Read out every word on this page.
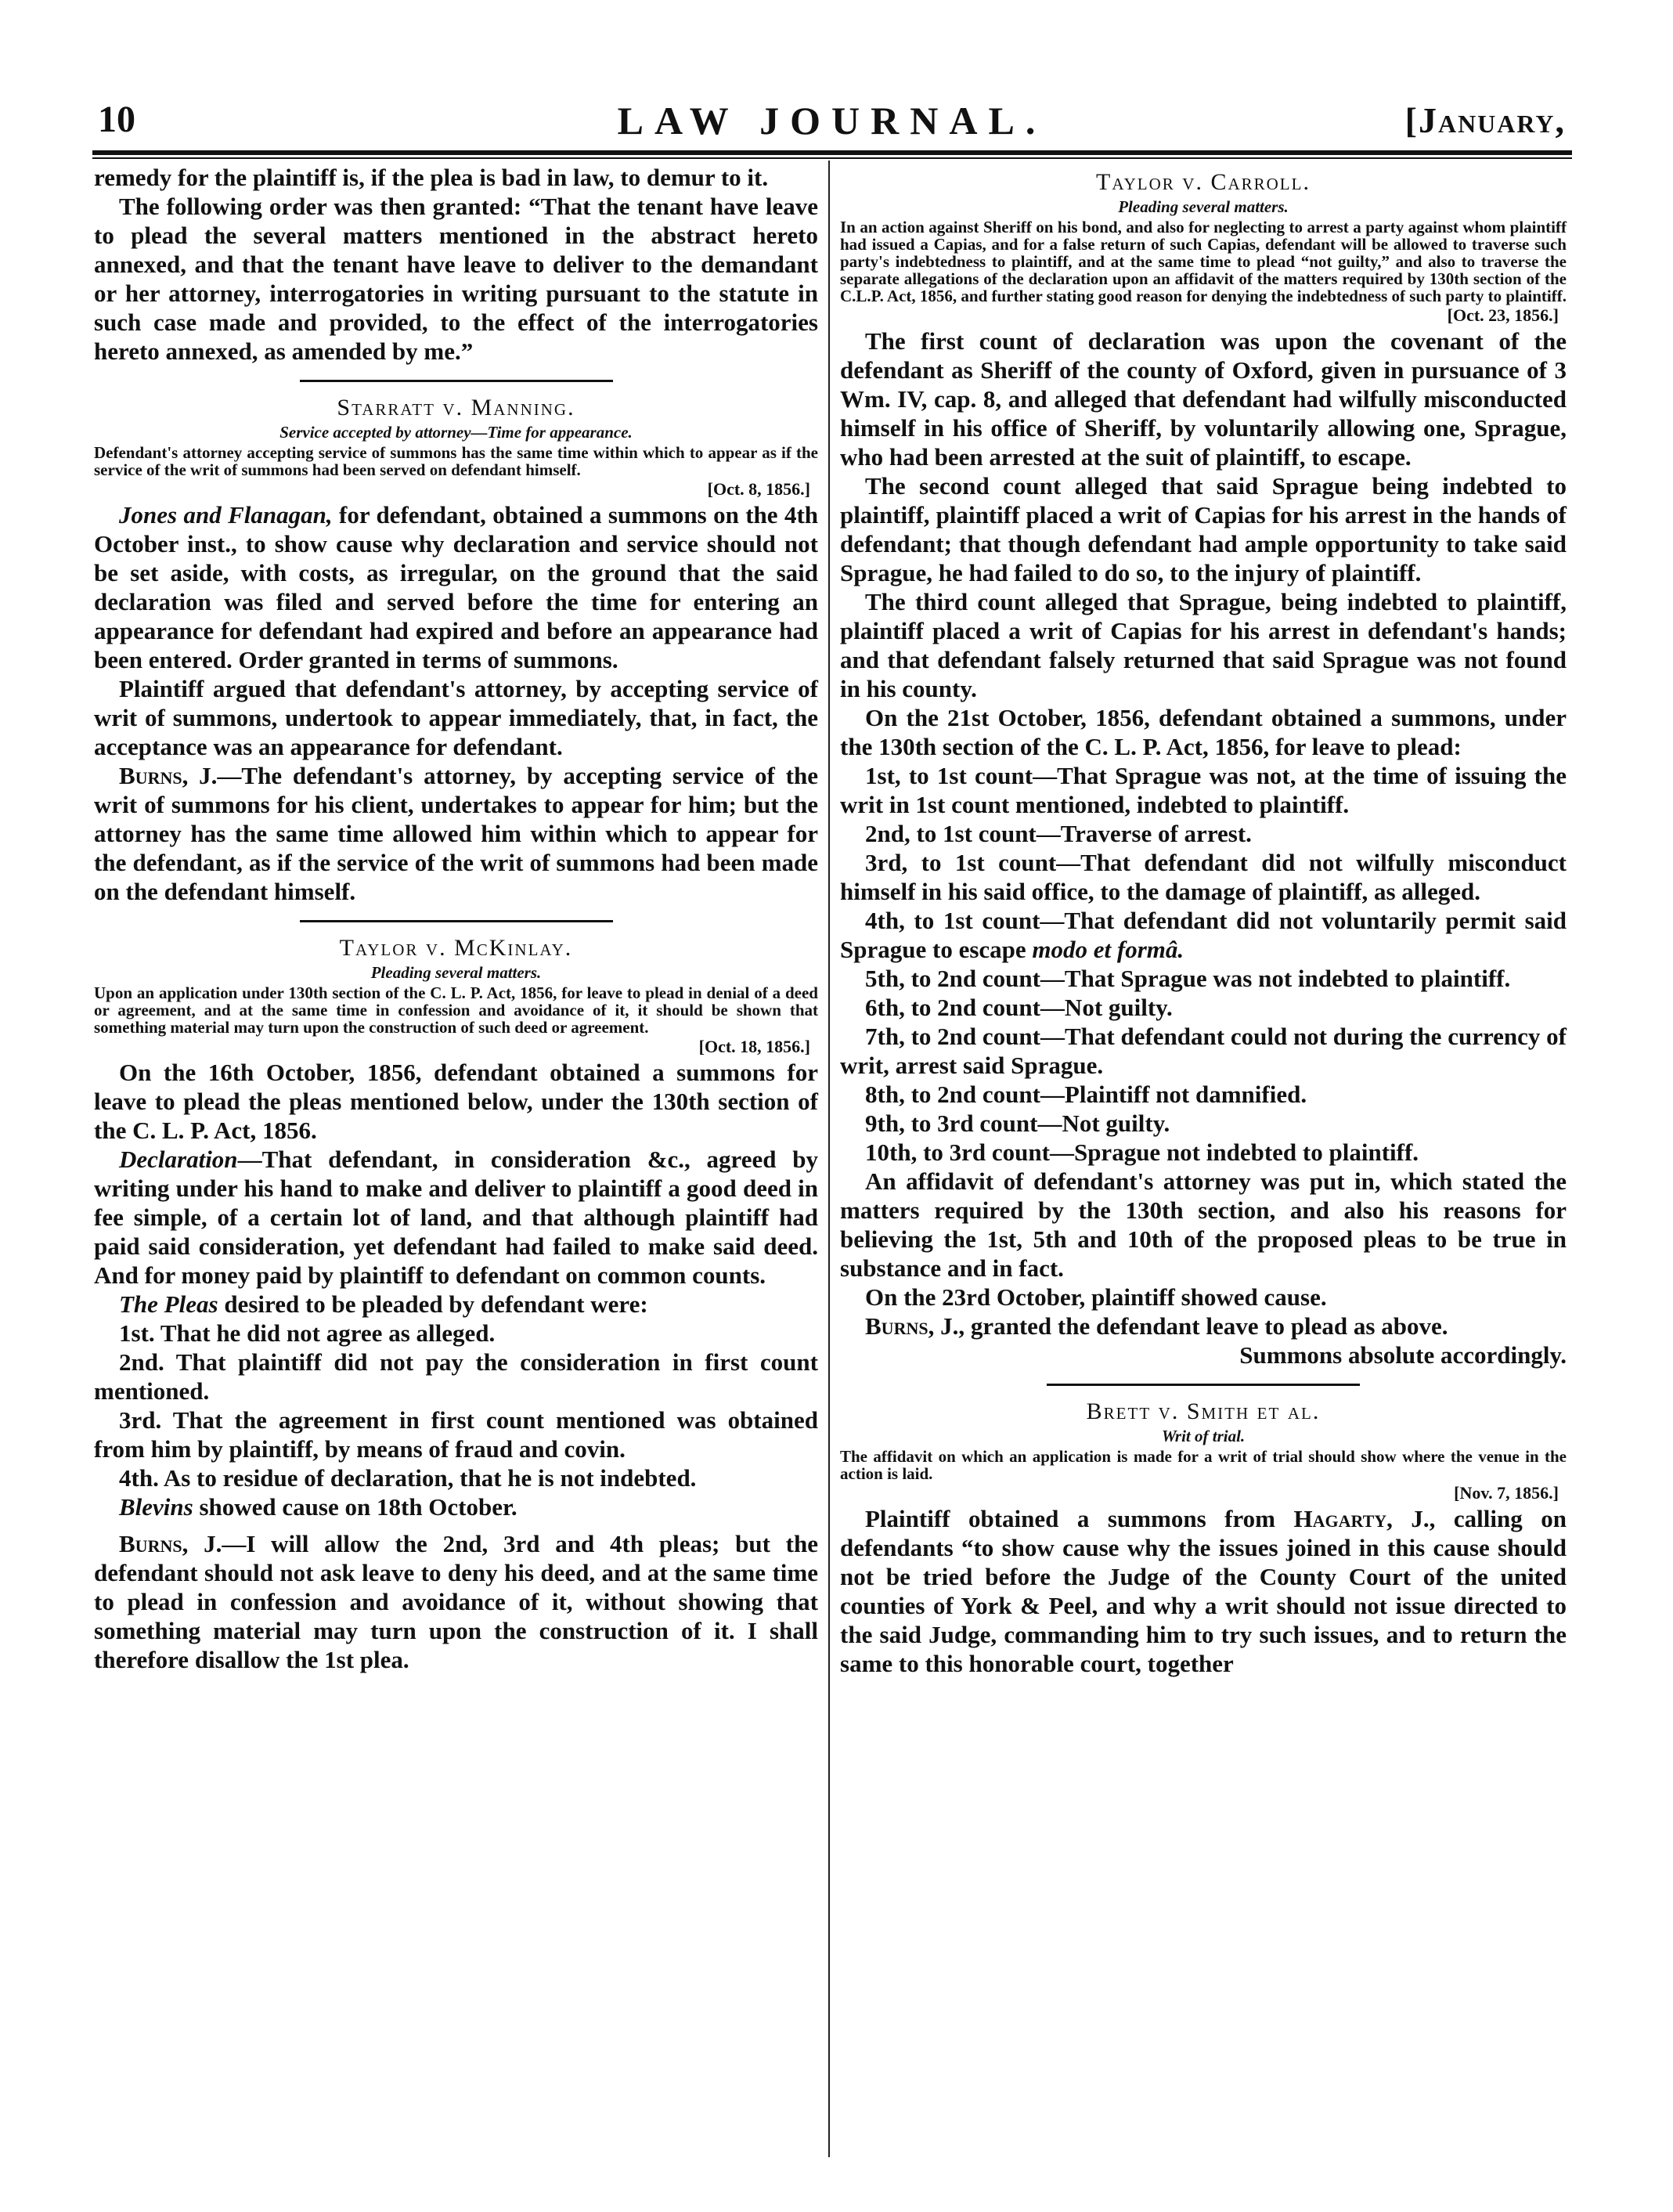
10	LAW JOURNAL.	[January,

remedy for the plaintiff is, if the plea is bad in law, to demur to it.

The following order was then granted: “That the tenant have leave to plead the several matters mentioned in the abstract hereto annexed, and that the tenant have leave to deliver to the demandant or her attorney, interrogatories in writing pursuant to the statute in such case made and provided, to the effect of the interrogatories hereto annexed, as amended by me.”

Starratt v. Manning.
Service accepted by attorney—Time for appearance.

Defendant's attorney accepting service of summons has the same time within which to appear as if the service of the writ of summons had been served on defendant himself.

[Oct. 8, 1856.]

Jones and Flanagan, for defendant, obtained a summons on the 4th October inst., to show cause why declaration and service should not be set aside, with costs, as irregular, on the ground that the said declaration was filed and served before the time for entering an appearance for defendant had expired and before an appearance had been entered. Order granted in terms of summons.

Plaintiff argued that defendant's attorney, by accepting service of writ of summons, undertook to appear immediately, that, in fact, the acceptance was an appearance for defendant.

Burns, J.—The defendant's attorney, by accepting service of the writ of summons for his client, undertakes to appear for him; but the attorney has the same time allowed him within which to appear for the defendant, as if the service of the writ of summons had been made on the defendant himself.

Taylor v. McKinlay.
Pleading several matters.

Upon an application under 130th section of the C. L. P. Act, 1856, for leave to plead in denial of a deed or agreement, and at the same time in confession and avoidance of it, it should be shown that something material may turn upon the construction of such deed or agreement.

[Oct. 18, 1856.]

On the 16th October, 1856, defendant obtained a summons for leave to plead the pleas mentioned below, under the 130th section of the C. L. P. Act, 1856.

Declaration—That defendant, in consideration &c., agreed by writing under his hand to make and deliver to plaintiff a good deed in fee simple, of a certain lot of land, and that although plaintiff had paid said consideration, yet defendant had failed to make said deed. And for money paid by plaintiff to defendant on common counts.

The Pleas desired to be pleaded by defendant were:

1st. That he did not agree as alleged.

2nd. That plaintiff did not pay the consideration in first count mentioned.

3rd. That the agreement in first count mentioned was obtained from him by plaintiff, by means of fraud and covin.

4th. As to residue of declaration, that he is not indebted.

Blevins showed cause on 18th October.

Burns, J.—I will allow the 2nd, 3rd and 4th pleas; but the defendant should not ask leave to deny his deed, and at the same time to plead in confession and avoidance of it, without showing that something material may turn upon the construction of it. I shall therefore disallow the 1st plea.

Taylor v. Carroll.
Pleading several matters.

In an action against Sheriff on his bond, and also for neglecting to arrest a party against whom plaintiff had issued a Capias, and for a false return of such Capias, defendant will be allowed to traverse such party's indebtedness to plaintiff, and at the same time to plead “not guilty,” and also to traverse the separate allegations of the declaration upon an affidavit of the matters required by 130th section of the C.L.P. Act, 1856, and further stating good reason for denying the indebtedness of such party to plaintiff.

[Oct. 23, 1856.]

The first count of declaration was upon the covenant of the defendant as Sheriff of the county of Oxford, given in pursuance of 3 Wm. IV, cap. 8, and alleged that defendant had wilfully misconducted himself in his office of Sheriff, by voluntarily allowing one, Sprague, who had been arrested at the suit of plaintiff, to escape.

The second count alleged that said Sprague being indebted to plaintiff, plaintiff placed a writ of Capias for his arrest in the hands of defendant; that though defendant had ample opportunity to take said Sprague, he had failed to do so, to the injury of plaintiff.

The third count alleged that Sprague, being indebted to plaintiff, plaintiff placed a writ of Capias for his arrest in defendant's hands; and that defendant falsely returned that said Sprague was not found in his county.

On the 21st October, 1856, defendant obtained a summons, under the 130th section of the C. L. P. Act, 1856, for leave to plead:

1st, to 1st count—That Sprague was not, at the time of issuing the writ in 1st count mentioned, indebted to plaintiff.

2nd, to 1st count—Traverse of arrest.

3rd, to 1st count—That defendant did not wilfully misconduct himself in his said office, to the damage of plaintiff, as alleged.

4th, to 1st count—That defendant did not voluntarily permit said Sprague to escape modo et formâ.

5th, to 2nd count—That Sprague was not indebted to plaintiff.

6th, to 2nd count—Not guilty.

7th, to 2nd count—That defendant could not during the currency of writ, arrest said Sprague.

8th, to 2nd count—Plaintiff not damnified.

9th, to 3rd count—Not guilty.

10th, to 3rd count—Sprague not indebted to plaintiff.

An affidavit of defendant's attorney was put in, which stated the matters required by the 130th section, and also his reasons for believing the 1st, 5th and 10th of the proposed pleas to be true in substance and in fact.

On the 23rd October, plaintiff showed cause.

Burns, J., granted the defendant leave to plead as above.

Summons absolute accordingly.

Brett v. Smith et al.
Writ of trial.

The affidavit on which an application is made for a writ of trial should show where the venue in the action is laid.

[Nov. 7, 1856.]

Plaintiff obtained a summons from Hagarty, J., calling on defendants “to show cause why the issues joined in this cause should not be tried before the Judge of the County Court of the united counties of York & Peel, and why a writ should not issue directed to the said Judge, commanding him to try such issues, and to return the same to this honorable court, together
